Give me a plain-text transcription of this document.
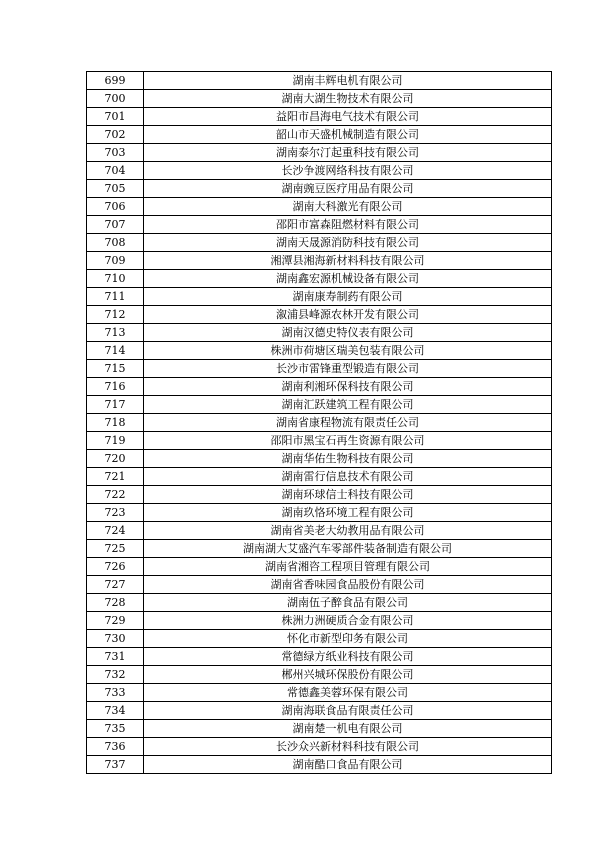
699	湖南丰辉电机有限公司
700	湖南大湖生物技术有限公司
701	益阳市昌海电气技术有限公司
702	韶山市天盛机械制造有限公司
703	湖南泰尔汀起重科技有限公司
704	长沙争渡网络科技有限公司
705	湖南豌豆医疗用品有限公司
706	湖南大科激光有限公司
707	邵阳市富森阻燃材料有限公司
708	湖南天晟源消防科技有限公司
709	湘潭县湘海新材料科技有限公司
710	湖南鑫宏源机械设备有限公司
711	湖南康寿制药有限公司
712	溆浦县峰源农林开发有限公司
713	湖南汉德史特仪表有限公司
714	株洲市荷塘区瑞美包装有限公司
715	长沙市雷锋重型锻造有限公司
716	湖南利湘环保科技有限公司
717	湖南汇跃建筑工程有限公司
718	湖南省康程物流有限责任公司
719	邵阳市黑宝石再生资源有限公司
720	湖南华佑生物科技有限公司
721	湖南雷行信息技术有限公司
722	湖南环球信士科技有限公司
723	湖南玖恪环境工程有限公司
724	湖南省美老大幼教用品有限公司
725	湖南湖大艾盛汽车零部件装备制造有限公司
726	湖南省湘咨工程项目管理有限公司
727	湖南省香味园食品股份有限公司
728	湖南伍子醉食品有限公司
729	株洲力洲硬质合金有限公司
730	怀化市新型印务有限公司
731	常德绿方纸业科技有限公司
732	郴州兴城环保股份有限公司
733	常德鑫美蓉环保有限公司
734	湖南海联食品有限责任公司
735	湖南楚一机电有限公司
736	长沙众兴新材料科技有限公司
737	湖南酷口食品有限公司
